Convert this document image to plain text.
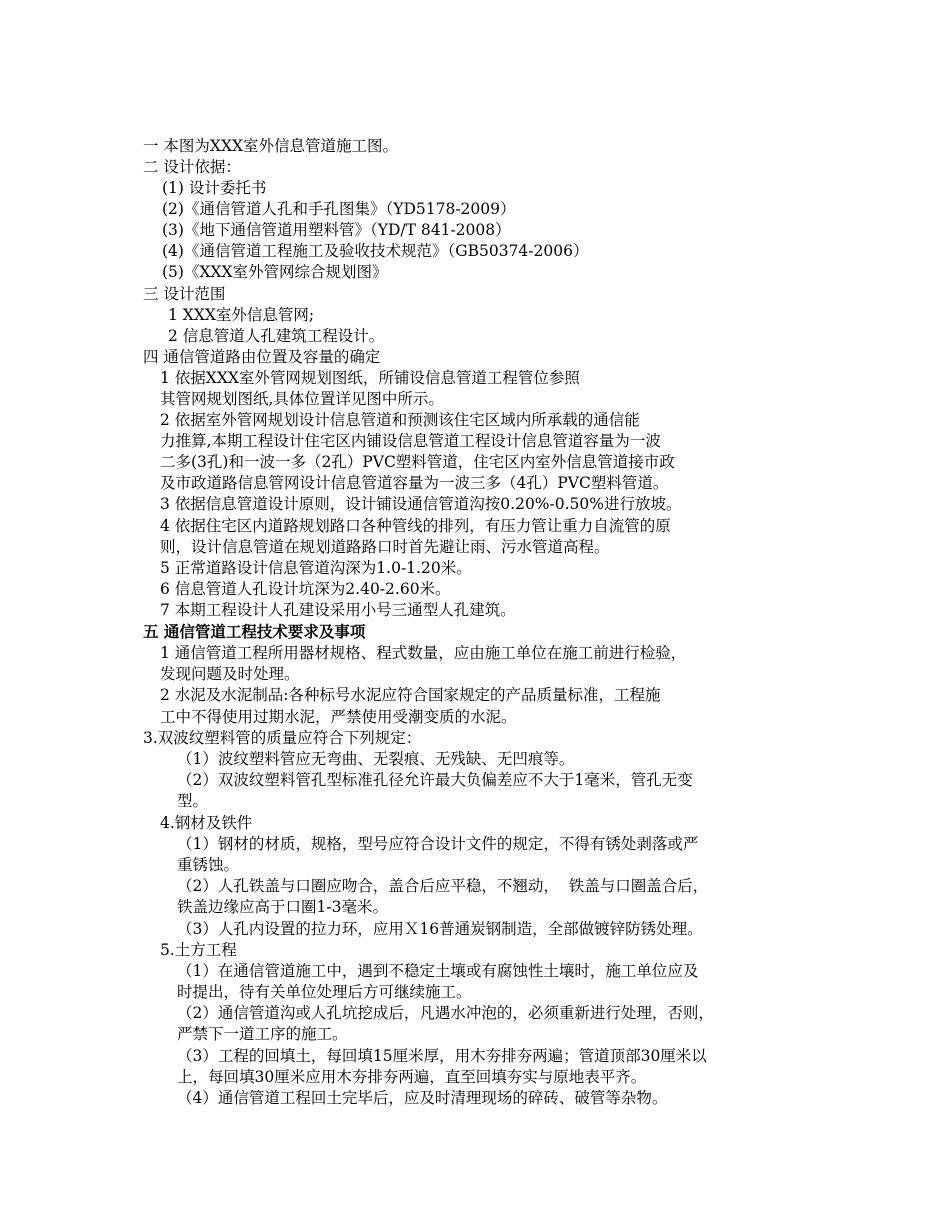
一 本图为XXX室外信息管道施工图。
二 设计依据：
(1) 设计委托书
(2)《通信管道人孔和手孔图集》（YD5178-2009）
(3)《地下通信管道用塑料管》（YD/T 841-2008）
(4)《通信管道工程施工及验收技术规范》（GB50374-2006）
(5)《XXX室外管网综合规划图》
三 设计范围
1 XXX室外信息管网;
2 信息管道人孔建筑工程设计。
四 通信管道路由位置及容量的确定
1 依据XXX室外管网规划图纸，所铺设信息管道工程管位参照
其管网规划图纸,具体位置详见图中所示。
2 依据室外管网规划设计信息管道和预测该住宅区域内所承载的通信能
力推算,本期工程设计住宅区内铺设信息管道工程设计信息管道容量为一波
二多(3孔)和一波一多（2孔）PVC塑料管道，住宅区内室外信息管道接市政
及市政道路信息管网设计信息管道容量为一波三多（4孔）PVC塑料管道。
3 依据信息管道设计原则，设计铺设通信管道沟按0.20%-0.50%进行放坡。
4 依据住宅区内道路规划路口各种管线的排列，有压力管让重力自流管的原
则，设计信息管道在规划道路路口时首先避让雨、污水管道高程。
5 正常道路设计信息管道沟深为1.0-1.20米。
6 信息管道人孔设计坑深为2.40-2.60米。
7 本期工程设计人孔建设采用小号三通型人孔建筑。
五 通信管道工程技术要求及事项
1 通信管道工程所用器材规格、程式数量，应由施工单位在施工前进行检验，
发现问题及时处理。
2 水泥及水泥制品:各种标号水泥应符合国家规定的产品质量标准，工程施
工中不得使用过期水泥，严禁使用受潮变质的水泥。
3.双波纹塑料管的质量应符合下列规定：
（1）波纹塑料管应无弯曲、无裂痕、无残缺、无凹痕等。
（2）双波纹塑料管孔型标准孔径允许最大负偏差应不大于1毫米，管孔无变
型。
4.钢材及铁件
（1）钢材的材质，规格，型号应符合设计文件的规定，不得有锈处剥落或严
重锈蚀。
（2）人孔铁盖与口圈应吻合，盖合后应平稳，不翘动，  铁盖与口圈盖合后，
铁盖边缘应高于口圈1-3毫米。
（3）人孔内设置的拉力环，应用Ｘ16普通炭钢制造，全部做镀锌防锈处理。
5.土方工程
（1）在通信管道施工中，遇到不稳定土壤或有腐蚀性土壤时，施工单位应及
时提出，待有关单位处理后方可继续施工。
（2）通信管道沟或人孔坑挖成后，凡遇水冲泡的，必须重新进行处理，否则，
严禁下一道工序的施工。
（3）工程的回填土，每回填15厘米厚，用木夯排夯两遍；管道顶部30厘米以
上，每回填30厘米应用木夯排夯两遍，直至回填夯实与原地表平齐。
（4）通信管道工程回土完毕后，应及时清理现场的碎砖、破管等杂物。
